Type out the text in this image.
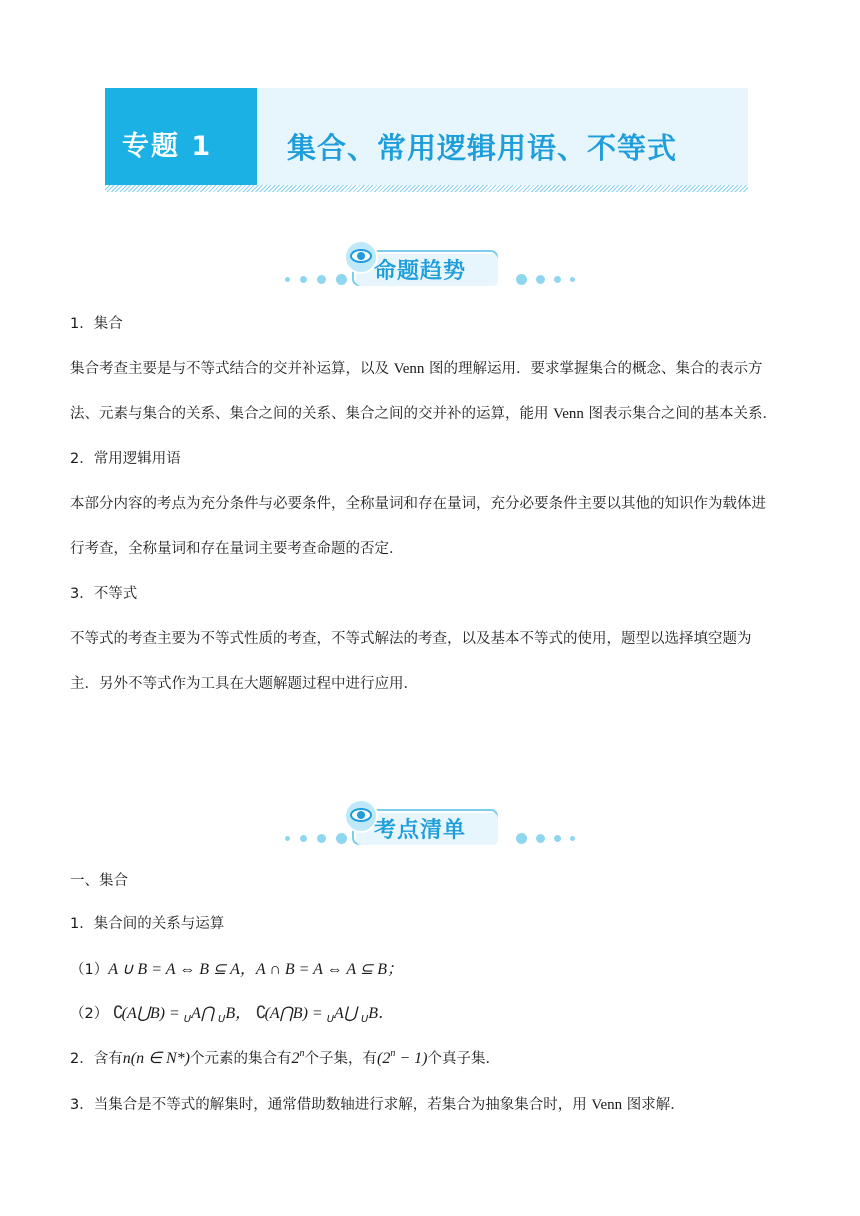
专题 1	集合、常用逻辑用语、不等式
命题趋势
1．集合
集合考查主要是与不等式结合的交并补运算，以及 Venn 图的理解运用．要求掌握集合的概念、集合的表示方
法、元素与集合的关系、集合之间的关系、集合之间的交并补的运算，能用 Venn 图表示集合之间的基本关系．
2．常用逻辑用语
本部分内容的考点为充分条件与必要条件，全称量词和存在量词，充分必要条件主要以其他的知识作为载体进
行考查，全称量词和存在量词主要考查命题的否定．
3．不等式
不等式的考查主要为不等式性质的考查，不等式解法的考查，以及基本不等式的使用，题型以选择填空题为
主．另外不等式作为工具在大题解题过程中进行应用．
考点清单
一、集合
1．集合间的关系与运算
（1）A ∪ B = A ⇔ B ⊆ A，A ∩ B = A ⇔ A ⊆ B；
（2） ∁(A⋃B) = $_U$A⋂ $_U$B， ∁(A⋂B) = $_U$A⋃ $_U$B．
2．含有n(n ∈ N*)个元素的集合有2$^n$个子集，有$(2^n - 1)$个真子集．
3．当集合是不等式的解集时，通常借助数轴进行求解，若集合为抽象集合时，用 Venn 图求解．
